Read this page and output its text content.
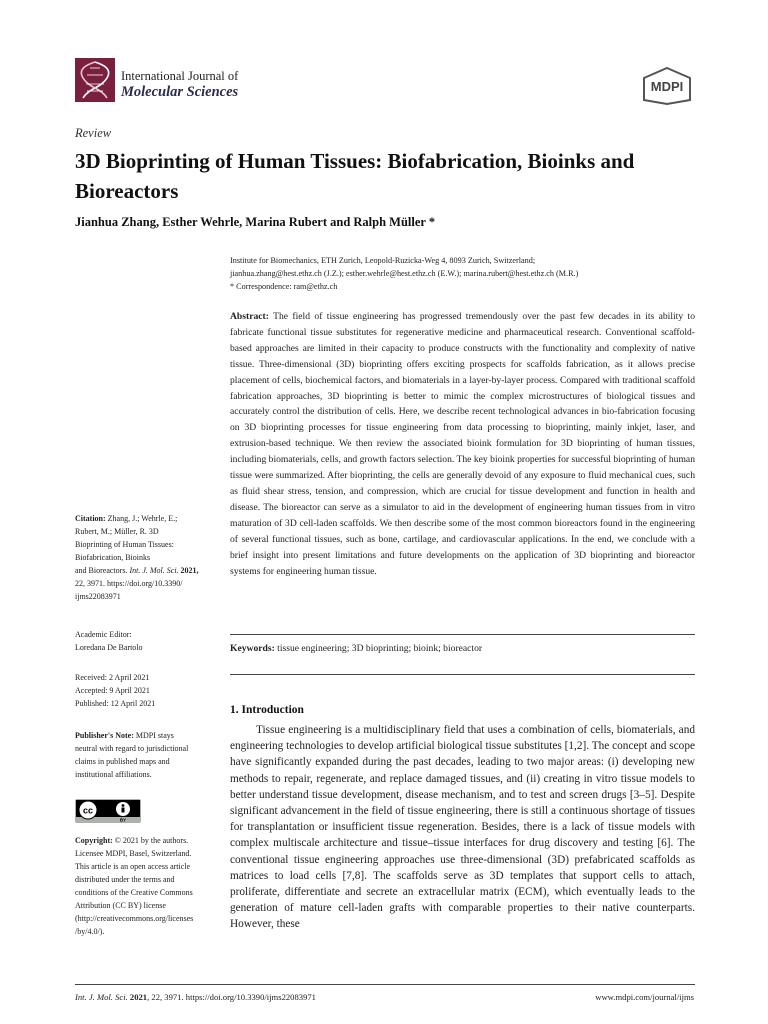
International Journal of
Molecular Sciences	MDPI
Review
3D Bioprinting of Human Tissues: Biofabrication, Bioinks and Bioreactors
Jianhua Zhang, Esther Wehrle, Marina Rubert and Ralph Müller *
Institute for Biomechanics, ETH Zurich, Leopold-Ruzicka-Weg 4, 8093 Zurich, Switzerland;
jianhua.zhang@hest.ethz.ch (J.Z.); esther.wehrle@hest.ethz.ch (E.W.); marina.rubert@hest.ethz.ch (M.R.)
* Correspondence: ram@ethz.ch
Abstract: The field of tissue engineering has progressed tremendously over the past few decades in its ability to fabricate functional tissue substitutes for regenerative medicine and pharmaceutical research. Conventional scaffold-based approaches are limited in their capacity to produce constructs with the functionality and complexity of native tissue. Three-dimensional (3D) bioprinting offers exciting prospects for scaffolds fabrication, as it allows precise placement of cells, biochemical factors, and biomaterials in a layer-by-layer process. Compared with traditional scaffold fabrication approaches, 3D bioprinting is better to mimic the complex microstructures of biological tissues and accurately control the distribution of cells. Here, we describe recent technological advances in bio-fabrication focusing on 3D bioprinting processes for tissue engineering from data processing to bioprinting, mainly inkjet, laser, and extrusion-based technique. We then review the associated bioink formulation for 3D bioprinting of human tissues, including biomaterials, cells, and growth factors selection. The key bioink properties for successful bioprinting of human tissue were summarized. After bioprinting, the cells are generally devoid of any exposure to fluid mechanical cues, such as fluid shear stress, tension, and compression, which are crucial for tissue development and function in health and disease. The bioreactor can serve as a simulator to aid in the development of engineering human tissues from in vitro maturation of 3D cell-laden scaffolds. We then describe some of the most common bioreactors found in the engineering of several functional tissues, such as bone, cartilage, and cardiovascular applications. In the end, we conclude with a brief insight into present limitations and future developments on the application of 3D bioprinting and bioreactor systems for engineering human tissue.
Keywords: tissue engineering; 3D bioprinting; bioink; bioreactor
1. Introduction

Tissue engineering is a multidisciplinary field that uses a combination of cells, biomaterials, and engineering technologies to develop artificial biological tissue substitutes [1,2]. The concept and scope have significantly expanded during the past decades, leading to two major areas: (i) developing new methods to repair, regenerate, and replace damaged tissues, and (ii) creating in vitro tissue models to better understand tissue development, disease mechanism, and to test and screen drugs [3–5]. Despite significant advancement in the field of tissue engineering, there is still a continuous shortage of tissues for transplantation or insufficient tissue regeneration. Besides, there is a lack of tissue models with complex multiscale architecture and tissue–tissue interfaces for drug discovery and testing [6]. The conventional tissue engineering approaches use three-dimensional (3D) prefabricated scaffolds as matrices to load cells [7,8]. The scaffolds serve as 3D templates that support cells to attach, proliferate, differentiate and secrete an extracellular matrix (ECM), which eventually leads to the generation of mature cell-laden grafts with comparable properties to their native counterparts. However, these

Citation: Zhang, J.; Wehrle, E.;
Rubert, M.; Müller, R. 3D
Bioprinting of Human Tissues:
Biofabrication, Bioinks
and Bioreactors. Int. J. Mol. Sci. 2021,
22, 3971. https://doi.org/10.3390/
ijms22083971
Academic Editor:
Loredana De Bartolo
Received: 2 April 2021
Accepted: 9 April 2021
Published: 12 April 2021
Publisher's Note: MDPI stays
neutral with regard to jurisdictional
claims in published maps and
institutional affiliations.
cc
BY
Copyright: © 2021 by the authors.
Licensee MDPI, Basel, Switzerland.
This article is an open access article
distributed under the terms and
conditions of the Creative Commons
Attribution (CC BY) license
(http://creativecommons.org/licenses
/by/4.0/).
Int. J. Mol. Sci. 2021, 22, 3971. https://doi.org/10.3390/ijms22083971	www.mdpi.com/journal/ijms
